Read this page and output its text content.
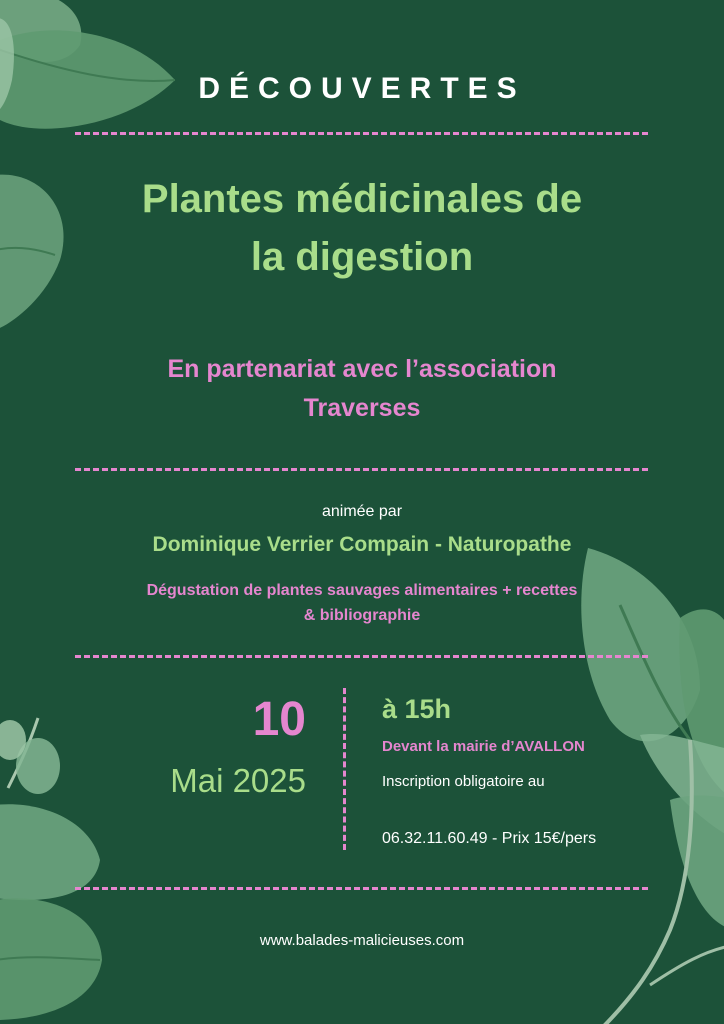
DÉCOUVERTES
Plantes médicinales de
la digestion
En partenariat avec l’association
Traverses
animée par
Dominique Verrier Compain - Naturopathe
Dégustation de plantes sauvages alimentaires + recettes
& bibliographie
10
Mai 2025
à 15h
Devant la mairie d’AVALLON
Inscription obligatoire au
06.32.11.60.49 - Prix 15€/pers
www.balades-malicieuses.com
